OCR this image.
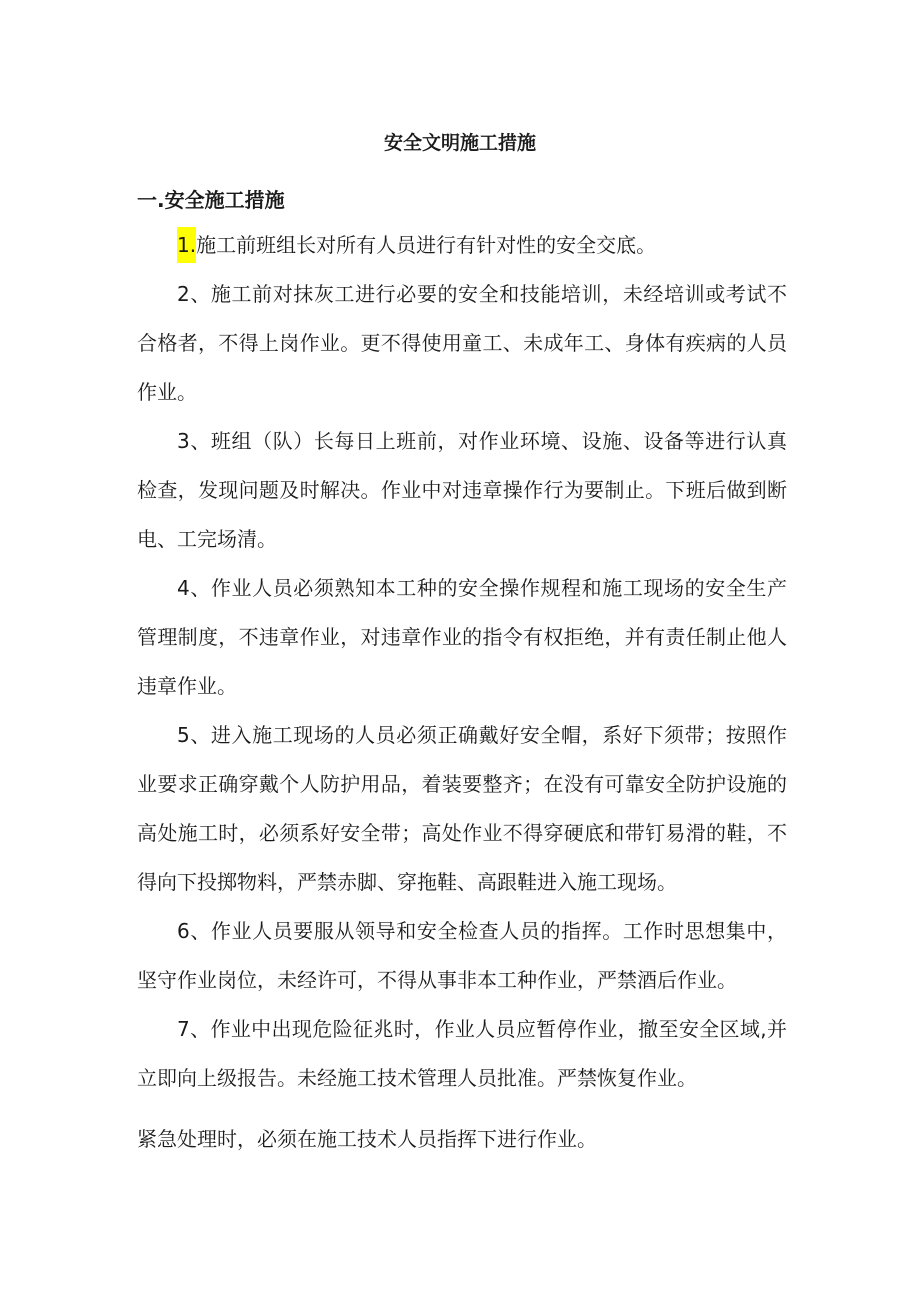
安全文明施工措施
一.安全施工措施

1.施工前班组长对所有人员进行有针对性的安全交底。

2、施工前对抹灰工进行必要的安全和技能培训，未经培训或考试不合格者，不得上岗作业。更不得使用童工、未成年工、身体有疾病的人员作业。

3、班组（队）长每日上班前，对作业环境、设施、设备等进行认真检查，发现问题及时解决。作业中对违章操作行为要制止。下班后做到断电、工完场清。

4、作业人员必须熟知本工种的安全操作规程和施工现场的安全生产管理制度，不违章作业，对违章作业的指令有权拒绝，并有责任制止他人违章作业。

5、进入施工现场的人员必须正确戴好安全帽，系好下须带；按照作业要求正确穿戴个人防护用品，着装要整齐；在没有可靠安全防护设施的高处施工时，必须系好安全带；高处作业不得穿硬底和带钉易滑的鞋，不得向下投掷物料，严禁赤脚、穿拖鞋、高跟鞋进入施工现场。

6、作业人员要服从领导和安全检查人员的指挥。工作时思想集中，坚守作业岗位，未经许可，不得从事非本工种作业，严禁酒后作业。

7、作业中出现危险征兆时，作业人员应暂停作业，撤至安全区域,并立即向上级报告。未经施工技术管理人员批准。严禁恢复作业。

紧急处理时，必须在施工技术人员指挥下进行作业。
